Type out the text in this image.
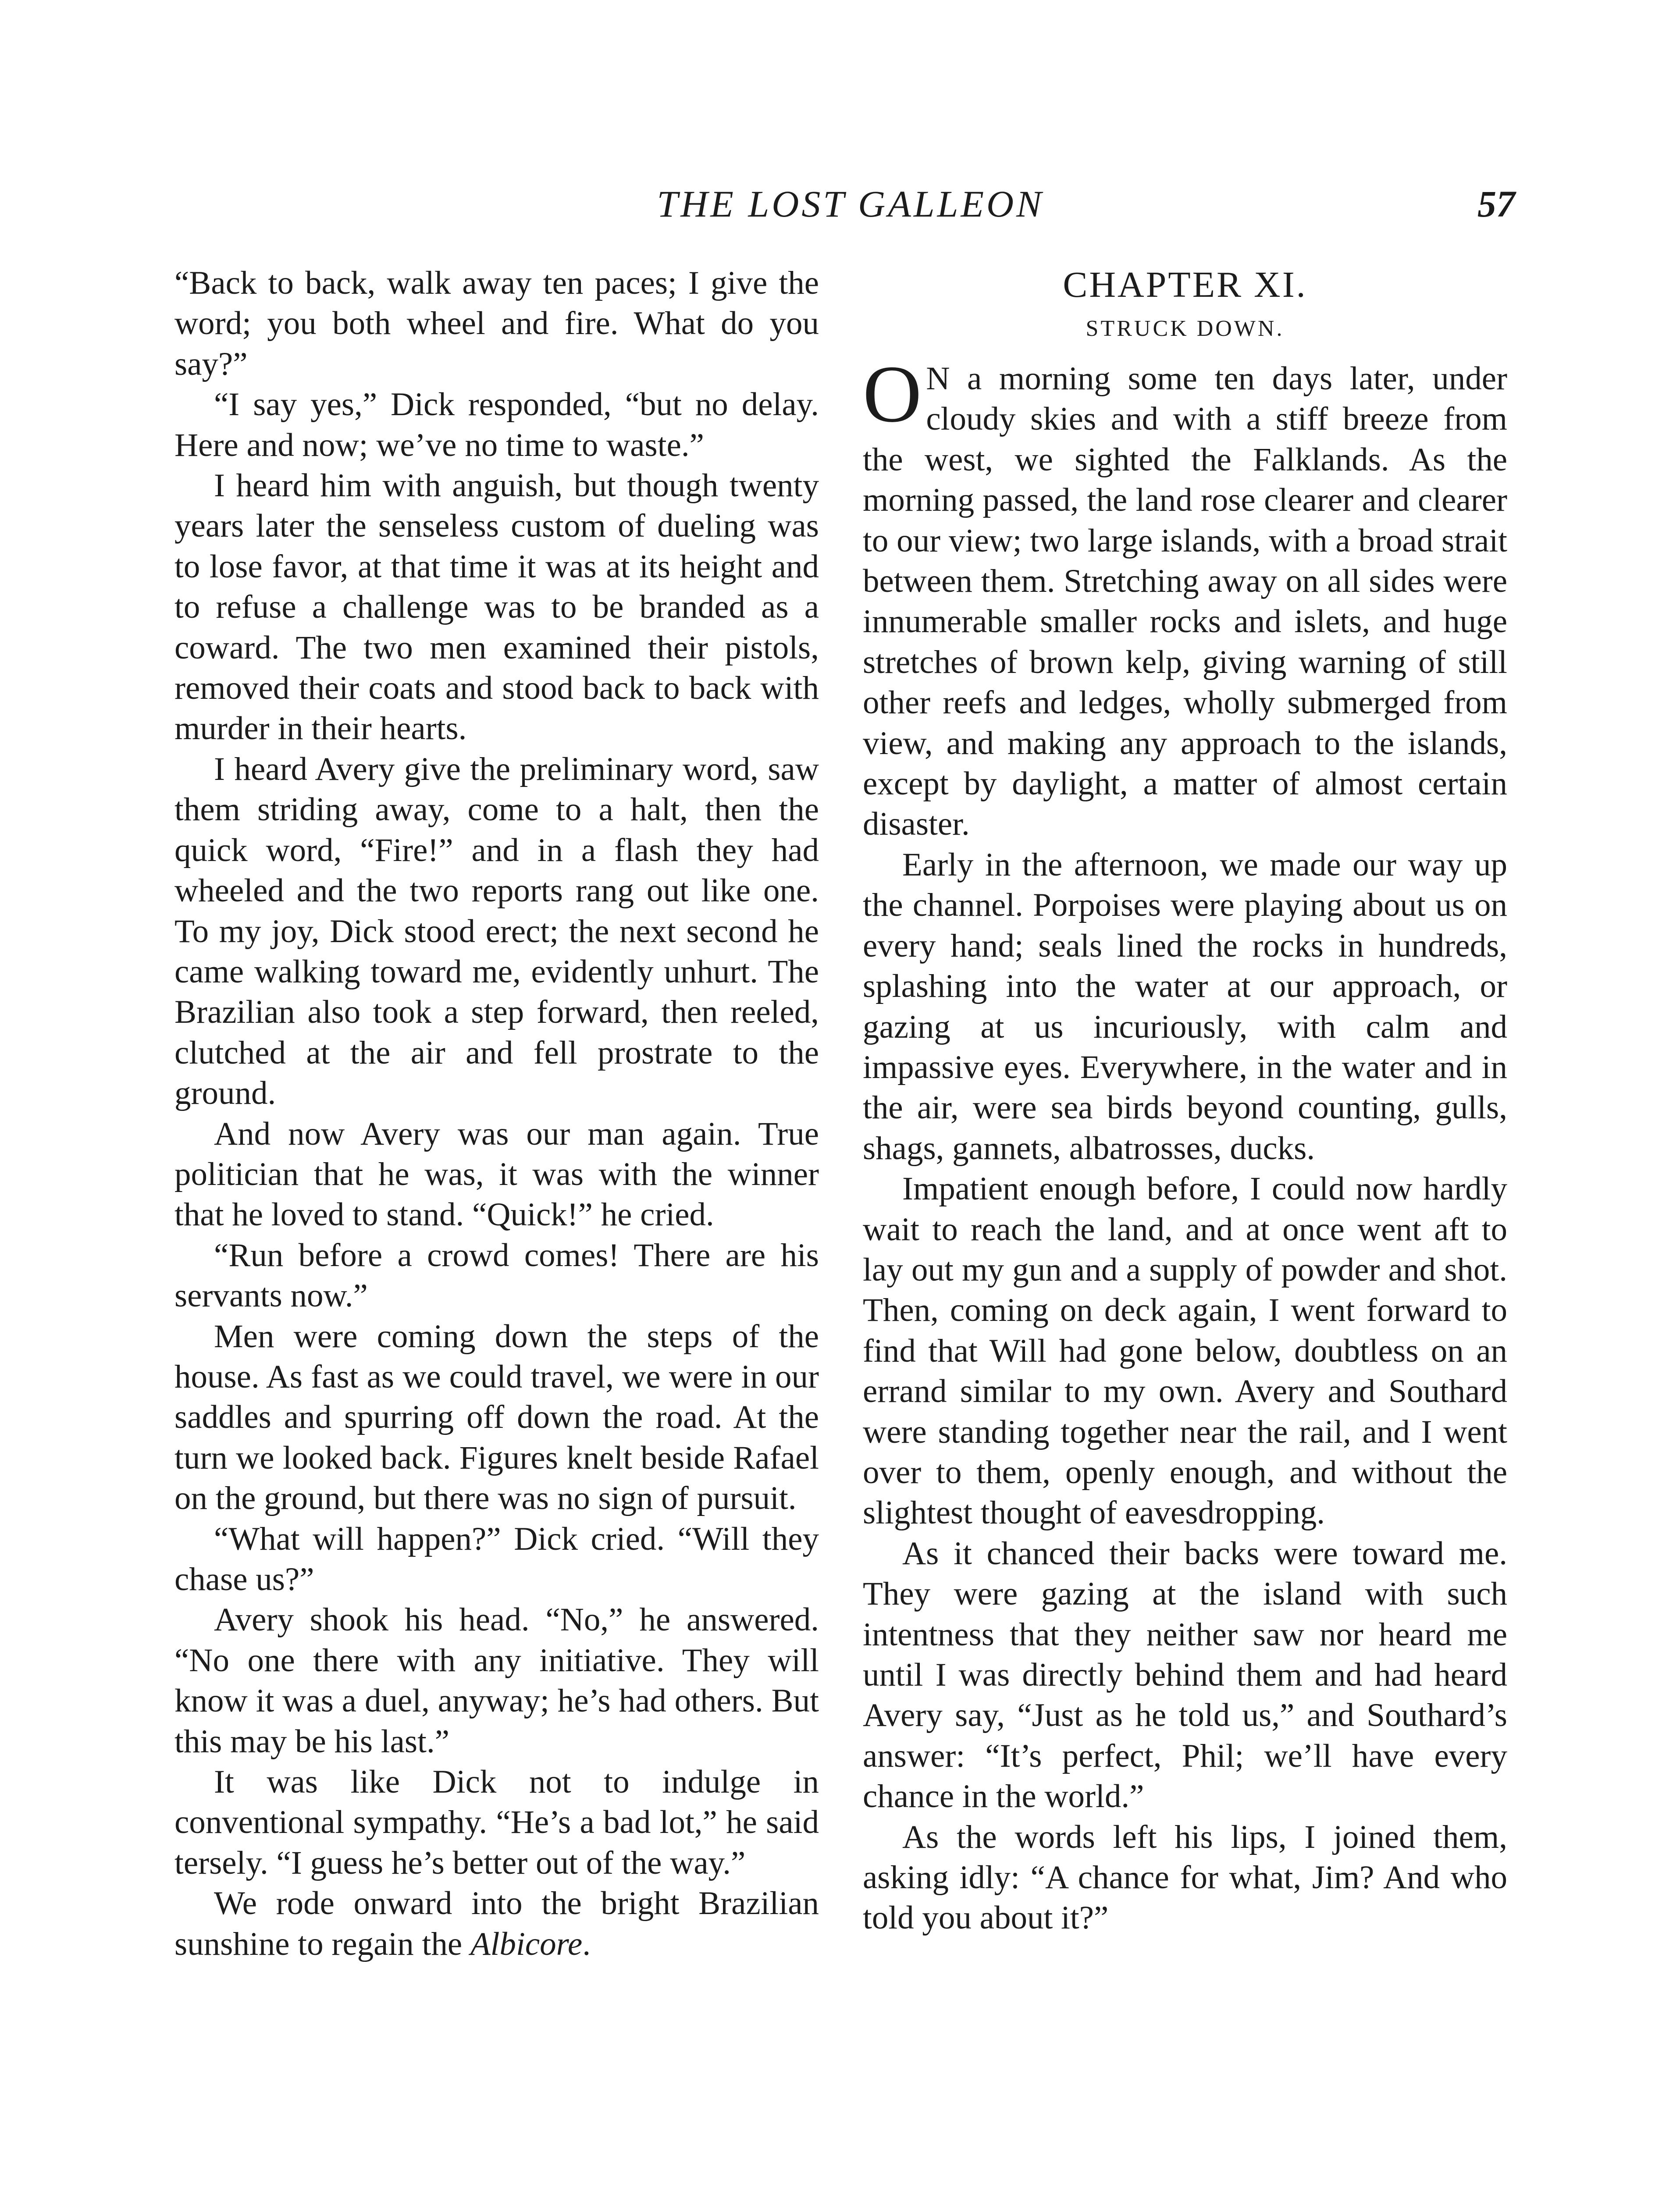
THE LOST GALLEON	57

“Back to back, walk away ten paces; I give the word; you both wheel and fire. What do you say?”

“I say yes,” Dick responded, “but no delay. Here and now; we’ve no time to waste.”

I heard him with anguish, but though twenty years later the senseless custom of dueling was to lose favor, at that time it was at its height and to refuse a challenge was to be branded as a coward. The two men examined their pistols, removed their coats and stood back to back with murder in their hearts.

I heard Avery give the preliminary word, saw them striding away, come to a halt, then the quick word, “Fire!” and in a flash they had wheeled and the two reports rang out like one. To my joy, Dick stood erect; the next second he came walking toward me, evidently unhurt. The Brazilian also took a step forward, then reeled, clutched at the air and fell prostrate to the ground.

And now Avery was our man again. True politician that he was, it was with the winner that he loved to stand. “Quick!” he cried.

“Run before a crowd comes! There are his servants now.”

Men were coming down the steps of the house. As fast as we could travel, we were in our saddles and spurring off down the road. At the turn we looked back. Figures knelt beside Rafael on the ground, but there was no sign of pursuit.

“What will happen?” Dick cried. “Will they chase us?”

Avery shook his head. “No,” he answered. “No one there with any initiative. They will know it was a duel, anyway; he’s had others. But this may be his last.”

It was like Dick not to indulge in conventional sympathy. “He’s a bad lot,” he said tersely. “I guess he’s better out of the way.”

We rode onward into the bright Brazilian sunshine to regain the Albicore.

CHAPTER XI.
STRUCK DOWN.

O N a morning some ten days later, under cloudy skies and with a stiff breeze from the west, we sighted the Falklands. As the morning passed, the land rose clearer and clearer to our view; two large islands, with a broad strait between them. Stretching away on all sides were innumerable smaller rocks and islets, and huge stretches of brown kelp, giving warning of still other reefs and ledges, wholly submerged from view, and making any approach to the islands, except by daylight, a matter of almost certain disaster.

Early in the afternoon, we made our way up the channel. Porpoises were playing about us on every hand; seals lined the rocks in hundreds, splashing into the water at our approach, or gazing at us incuriously, with calm and impassive eyes. Everywhere, in the water and in the air, were sea birds beyond counting, gulls, shags, gannets, albatrosses, ducks.

Impatient enough before, I could now hardly wait to reach the land, and at once went aft to lay out my gun and a supply of powder and shot. Then, coming on deck again, I went forward to find that Will had gone below, doubtless on an errand similar to my own. Avery and Southard were standing together near the rail, and I went over to them, openly enough, and without the slightest thought of eavesdropping.

As it chanced their backs were toward me. They were gazing at the island with such intentness that they neither saw nor heard me until I was directly behind them and had heard Avery say, “Just as he told us,” and Southard’s answer: “It’s perfect, Phil; we’ll have every chance in the world.”

As the words left his lips, I joined them, asking idly: “A chance for what, Jim? And who told you about it?”
